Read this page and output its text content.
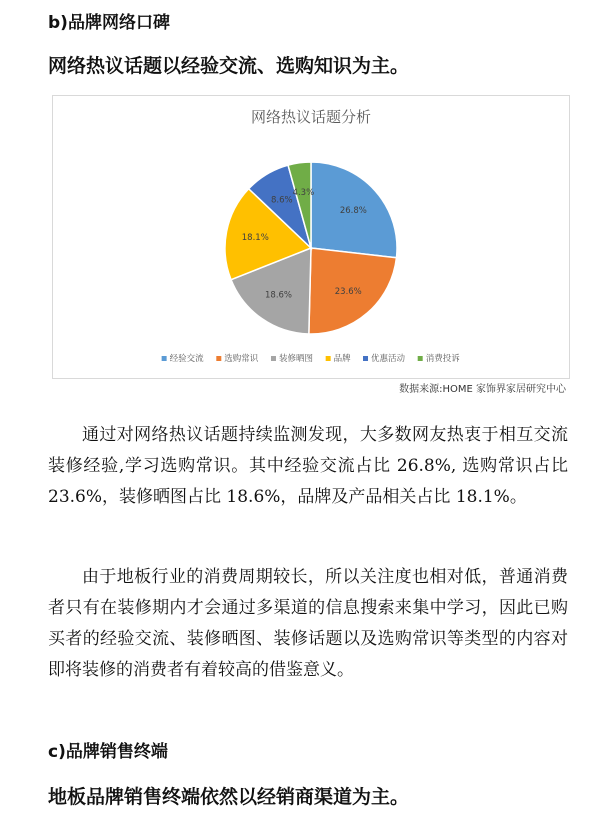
b)品牌网络口碑
网络热议话题以经验交流、选购知识为主。
网络热议话题分析
26.8%
23.6%
18.6%
18.1%
8.6%
4.3%
经验交流 选购常识 装修晒图 品牌 优惠活动 消费投诉
数据来源:HOME 家饰界家居研究中心

通过对网络热议话题持续监测发现，大多数网友热衷于相互交流装修经验,学习选购常识。其中经验交流占比 26.8%, 选购常识占比 23.6%，装修晒图占比 18.6%，品牌及产品相关占比 18.1%。

由于地板行业的消费周期较长，所以关注度也相对低，普通消费者只有在装修期内才会通过多渠道的信息搜索来集中学习，因此已购买者的经验交流、装修晒图、装修话题以及选购常识等类型的内容对即将装修的消费者有着较高的借鉴意义。

c)品牌销售终端
地板品牌销售终端依然以经销商渠道为主。
